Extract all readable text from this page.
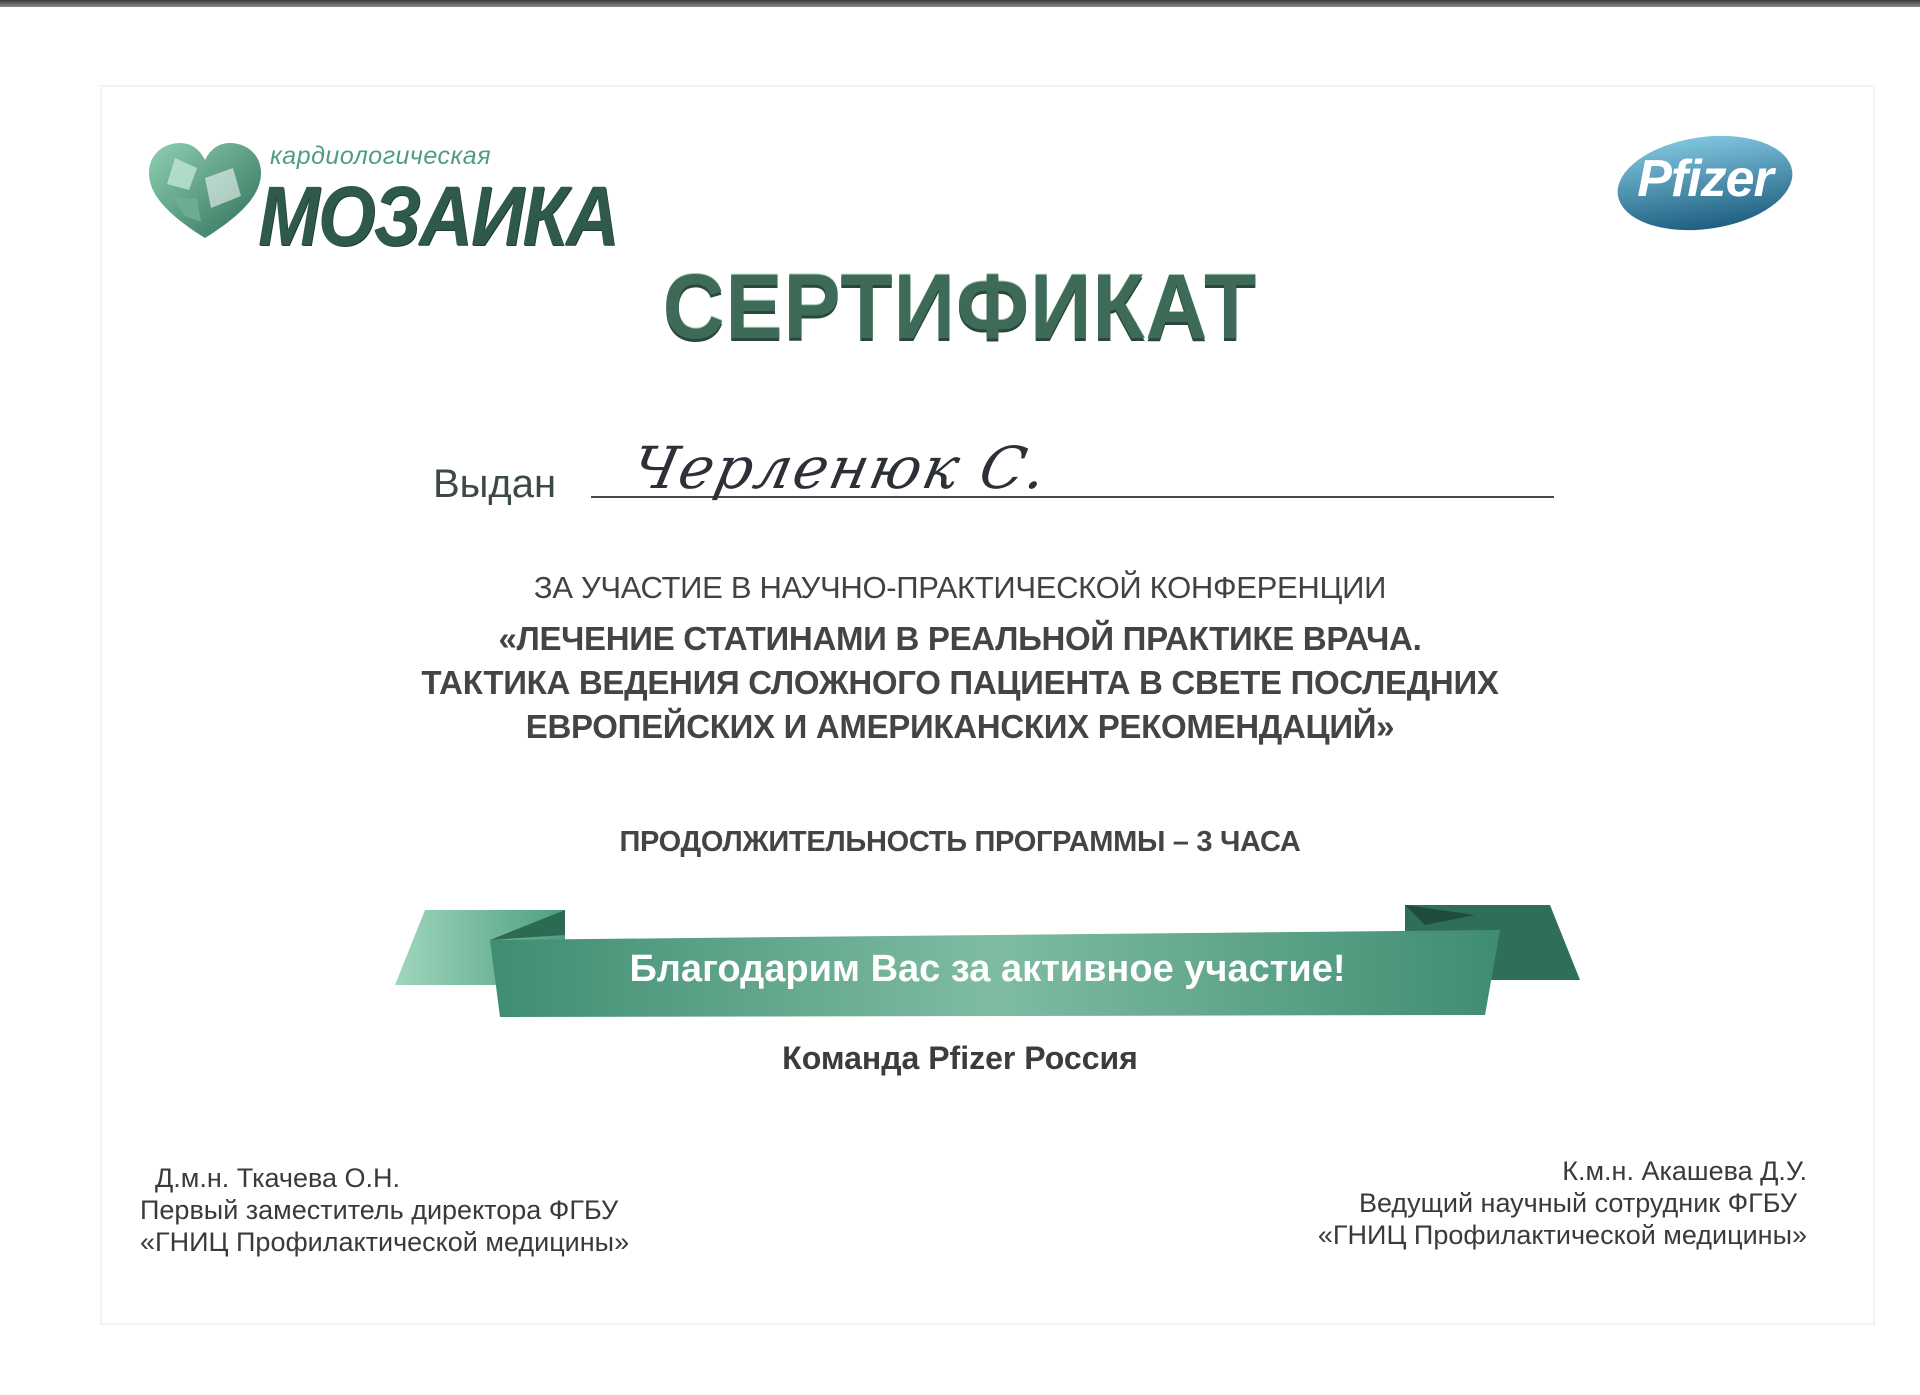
кардиологическая
МОЗАИКА	Pfizer
СЕРТИФИКАТ
Выдан Черленюк С.
ЗА УЧАСТИЕ В НАУЧНО-ПРАКТИЧЕСКОЙ КОНФЕРЕНЦИИ
«ЛЕЧЕНИЕ СТАТИНАМИ В РЕАЛЬНОЙ ПРАКТИКЕ ВРАЧА.
ТАКТИКА ВЕДЕНИЯ СЛОЖНОГО ПАЦИЕНТА В СВЕТЕ ПОСЛЕДНИХ
ЕВРОПЕЙСКИХ И АМЕРИКАНСКИХ РЕКОМЕНДАЦИЙ»
ПРОДОЛЖИТЕЛЬНОСТЬ ПРОГРАММЫ – 3 ЧАСА
Благодарим Вас за активное участие!
Команда Pfizer Россия
Д.м.н. Ткачева О.Н.
Первый заместитель директора ФГБУ
«ГНИЦ Профилактической медицины»
К.м.н. Акашева Д.У.
Ведущий научный сотрудник ФГБУ
«ГНИЦ Профилактической медицины»
